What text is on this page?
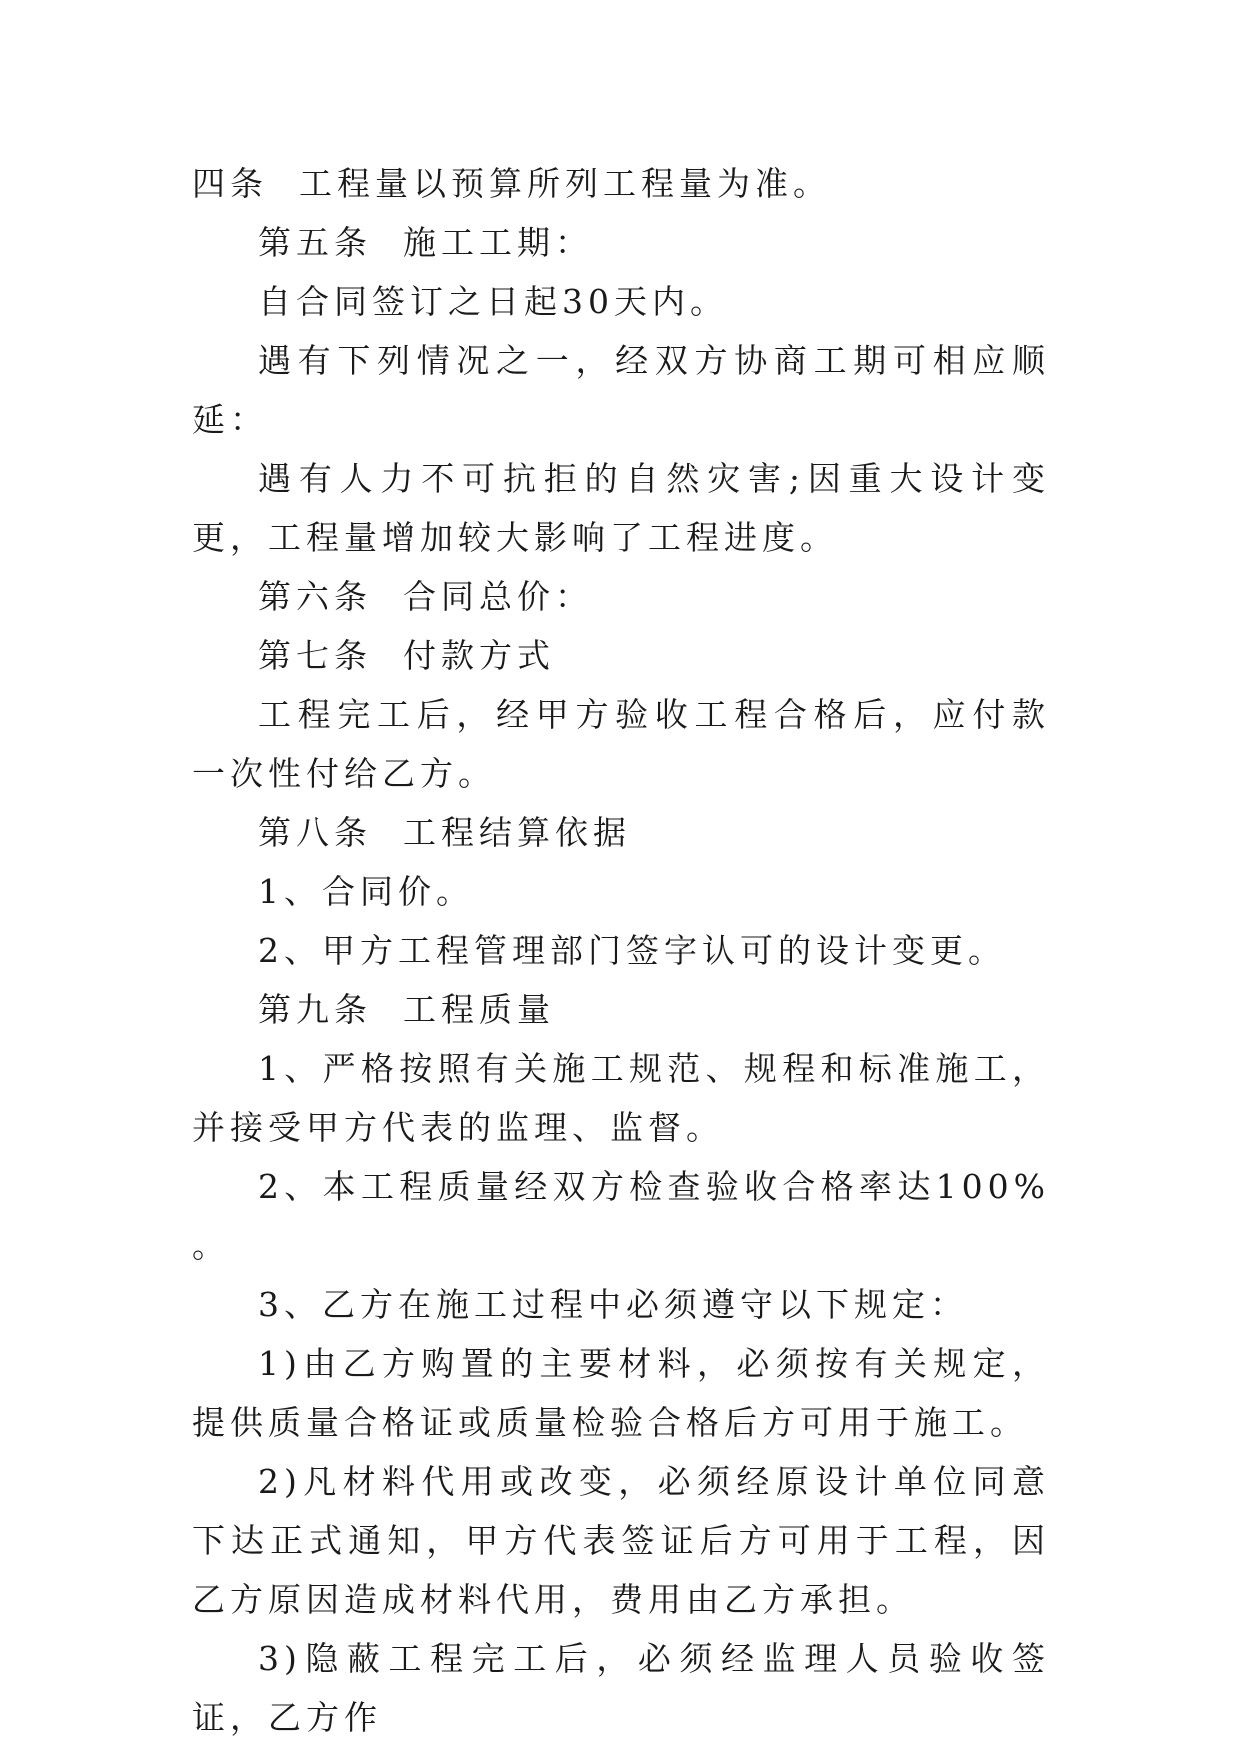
四条  工程量以预算所列工程量为准。

第五条  施工工期：

自合同签订之日起30天内。

遇有下列情况之一，经双方协商工期可相应顺延：

遇有人力不可抗拒的自然灾害;因重大设计变更，工程量增加较大影响了工程进度。

第六条  合同总价：

第七条  付款方式

工程完工后，经甲方验收工程合格后，应付款一次性付给乙方。

第八条  工程结算依据

1、合同价。

2、甲方工程管理部门签字认可的设计变更。

第九条  工程质量

1、严格按照有关施工规范、规程和标准施工，并接受甲方代表的监理、监督。

2、本工程质量经双方检查验收合格率达100% 。

3、乙方在施工过程中必须遵守以下规定：

1)由乙方购置的主要材料，必须按有关规定，提供质量合格证或质量检验合格后方可用于施工。

2)凡材料代用或改变，必须经原设计单位同意下达正式通知，甲方代表签证后方可用于工程，因乙方原因造成材料代用，费用由乙方承担。

3)隐蔽工程完工后，必须经监理人员验收签证，乙方作
